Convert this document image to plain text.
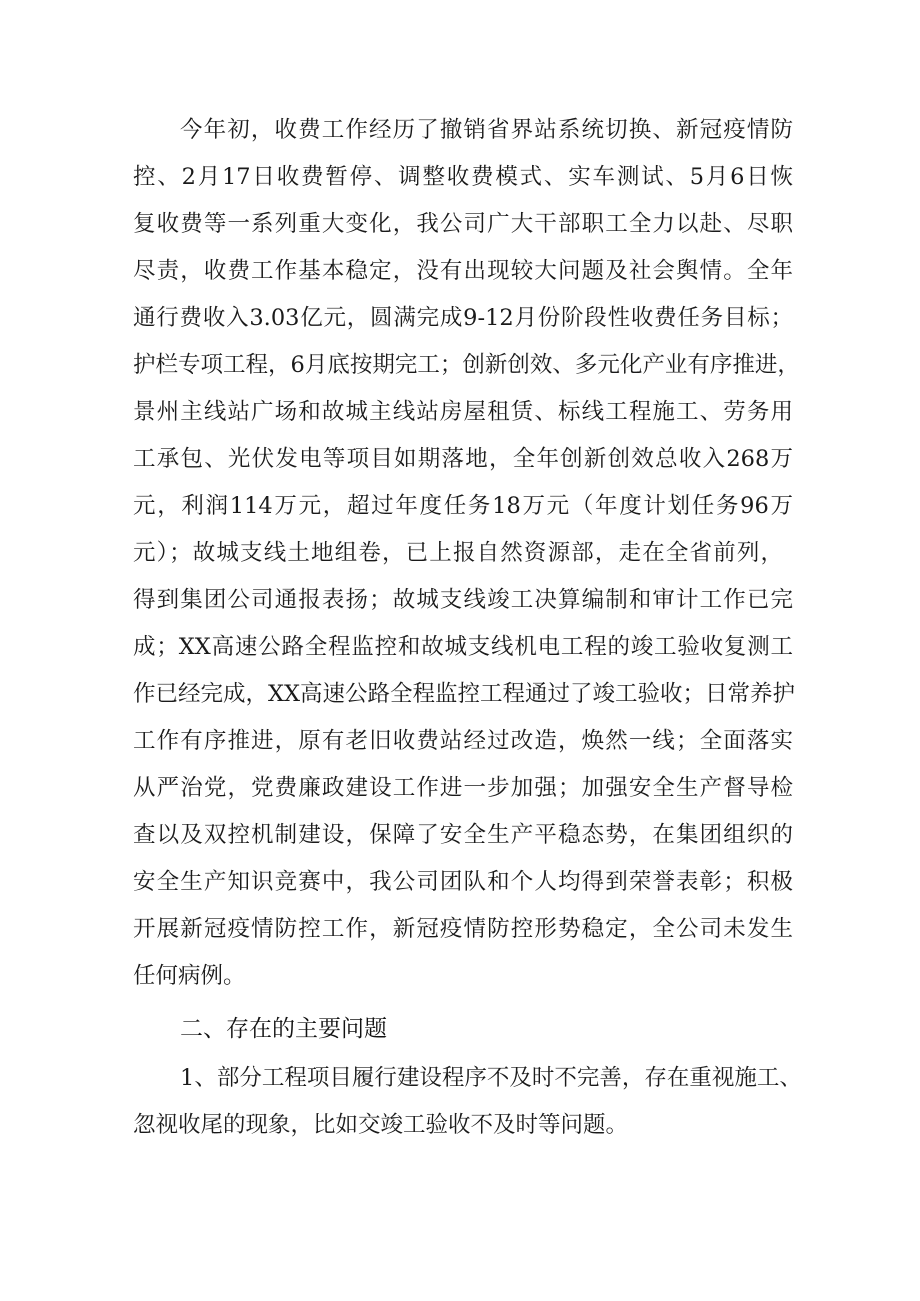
今年初，收费工作经历了撤销省界站系统切换、新冠疫情防
控、2月17日收费暂停、调整收费模式、实车测试、5月6日恢
复收费等一系列重大变化，我公司广大干部职工全力以赴、尽职
尽责，收费工作基本稳定，没有出现较大问题及社会舆情。全年
通行费收入3.03亿元，圆满完成9-12月份阶段性收费任务目标；
护栏专项工程，6月底按期完工；创新创效、多元化产业有序推进，
景州主线站广场和故城主线站房屋租赁、标线工程施工、劳务用
工承包、光伏发电等项目如期落地，全年创新创效总收入268万
元，利润114万元，超过年度任务18万元（年度计划任务96万
元）；故城支线土地组卷，已上报自然资源部，走在全省前列，
得到集团公司通报表扬；故城支线竣工决算编制和审计工作已完
成；XX高速公路全程监控和故城支线机电工程的竣工验收复测工
作已经完成，XX高速公路全程监控工程通过了竣工验收；日常养护
工作有序推进，原有老旧收费站经过改造，焕然一线；全面落实
从严治党，党费廉政建设工作进一步加强；加强安全生产督导检
查以及双控机制建设，保障了安全生产平稳态势，在集团组织的
安全生产知识竞赛中，我公司团队和个人均得到荣誉表彰；积极
开展新冠疫情防控工作，新冠疫情防控形势稳定，全公司未发生
任何病例。
二、存在的主要问题
1、部分工程项目履行建设程序不及时不完善，存在重视施工、
忽视收尾的现象，比如交竣工验收不及时等问题。
